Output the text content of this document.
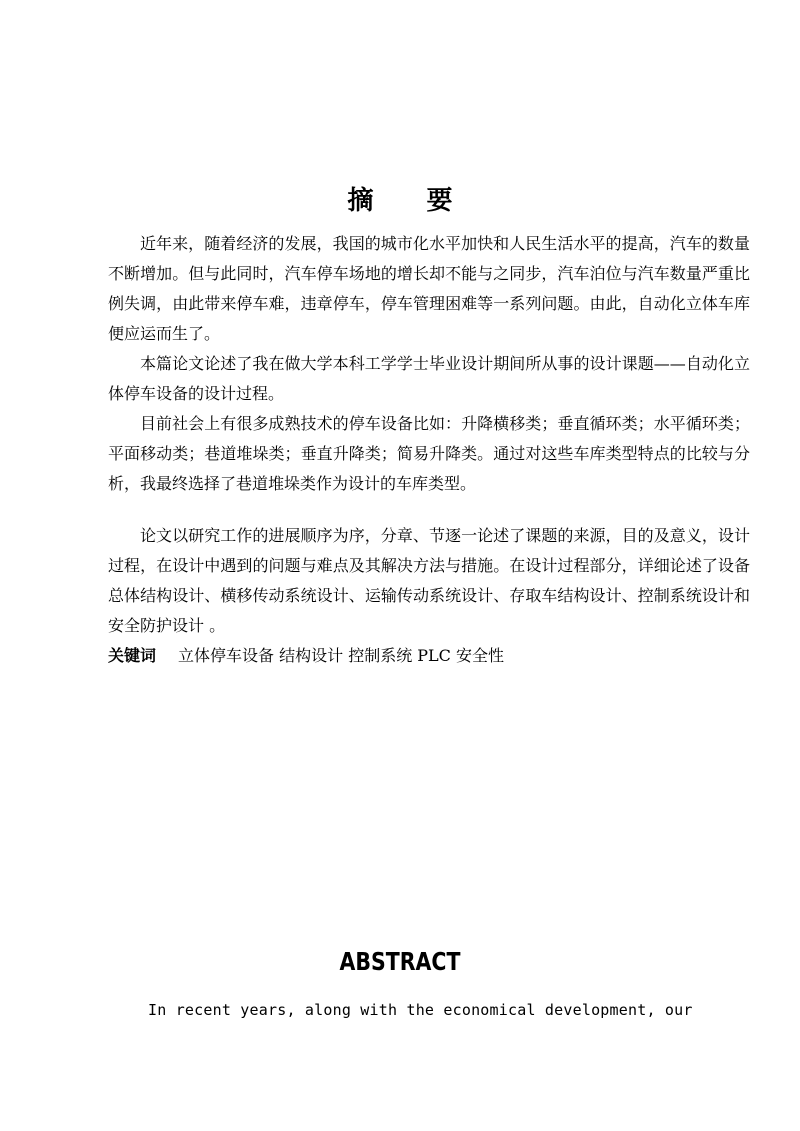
摘 要

近年来，随着经济的发展，我国的城市化水平加快和人民生活水平的提高，汽车的数量不断增加。但与此同时，汽车停车场地的增长却不能与之同步，汽车泊位与汽车数量严重比例失调，由此带来停车难，违章停车，停车管理困难等一系列问题。由此，自动化立体车库便应运而生了。

本篇论文论述了我在做大学本科工学学士毕业设计期间所从事的设计课题——自动化立体停车设备的设计过程。

目前社会上有很多成熟技术的停车设备比如：升降横移类；垂直循环类；水平循环类；平面移动类；巷道堆垛类；垂直升降类；简易升降类。通过对这些车库类型特点的比较与分析，我最终选择了巷道堆垛类作为设计的车库类型。

论文以研究工作的进展顺序为序，分章、节逐一论述了课题的来源，目的及意义，设计过程，在设计中遇到的问题与难点及其解决方法与措施。在设计过程部分，详细论述了设备总体结构设计、横移传动系统设计、运输传动系统设计、存取车结构设计、控制系统设计和安全防护设计 。

关键词 立体停车设备 结构设计 控制系统 PLC 安全性

ABSTRACT
In recent years, along with the economical development, our
